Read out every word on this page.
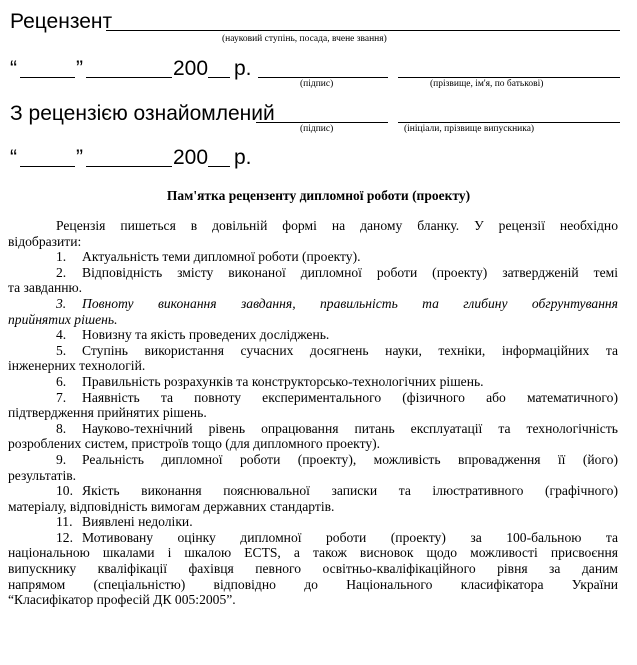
Рецензент
(науковий ступінь, посада, вчене звання)
“	”	200 р.
(підпис)	(прізвище, ім'я, по батькові)
З рецензією ознайомлений
(підпис)	(ініціали, прізвище випускника)
“	”	200 р.
Пам'ятка рецензенту дипломної роботи (проекту)

Рецензія пишеться в довільній формі на даному бланку. У рецензії необхідно

відобразити:

1. Актуальність теми дипломної роботи (проекту).

2. Відповідність змісту виконаної дипломної роботи (проекту) затвердженій темі

та завданню.

3. Повноту виконання завдання, правильність та глибину обгрунтування

прийнятих рішень.

4. Новизну та якість проведених досліджень.

5. Ступінь використання сучасних досягнень науки, техніки, інформаційних та

інженерних технологій.

6. Правильність розрахунків та конструкторсько-технологічних рішень.

7. Наявність та повноту експериментального (фізичного або математичного)

підтвердження прийнятих рішень.

8. Науково-технічний рівень опрацювання питань експлуатації та технологічність

розроблених систем, пристроїв тощо (для дипломного проекту).

9. Реальність дипломної роботи (проекту), можливість впровадження її (його)

результатів.

10. Якість виконання пояснювальної записки та ілюстративного (графічного)

матеріалу, відповідність вимогам державних стандартів.

11. Виявлені недоліки.

12. Мотивовану оцінку дипломної роботи (проекту) за 100-бальною та

національною шкалами і шкалою ECTS, а також висновок щодо можливості присвоєння

випускнику кваліфікації фахівця певного освітньо-кваліфікаційного рівня за даним

напрямом (спеціальністю) відповідно до Національного класифікатора України

“Класифікатор професій ДК 005:2005”.
